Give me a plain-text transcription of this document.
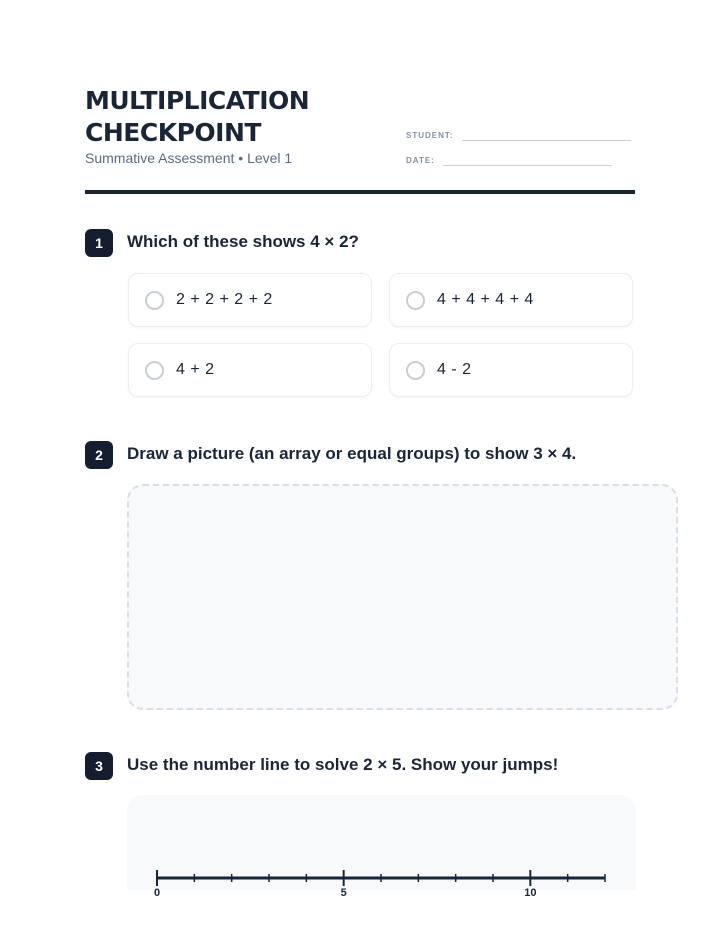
MULTIPLICATION
CHECKPOINT

Summative Assessment • Level 1

STUDENT:
DATE:
1	Which of these shows 4 × 2?
2 + 2 + 2 + 2	4 + 4 + 4 + 4
4 + 2	4 - 2
2	Draw a picture (an array or equal groups) to show 3 × 4.
3	Use the number line to solve 2 × 5. Show your jumps!
0	5	10
